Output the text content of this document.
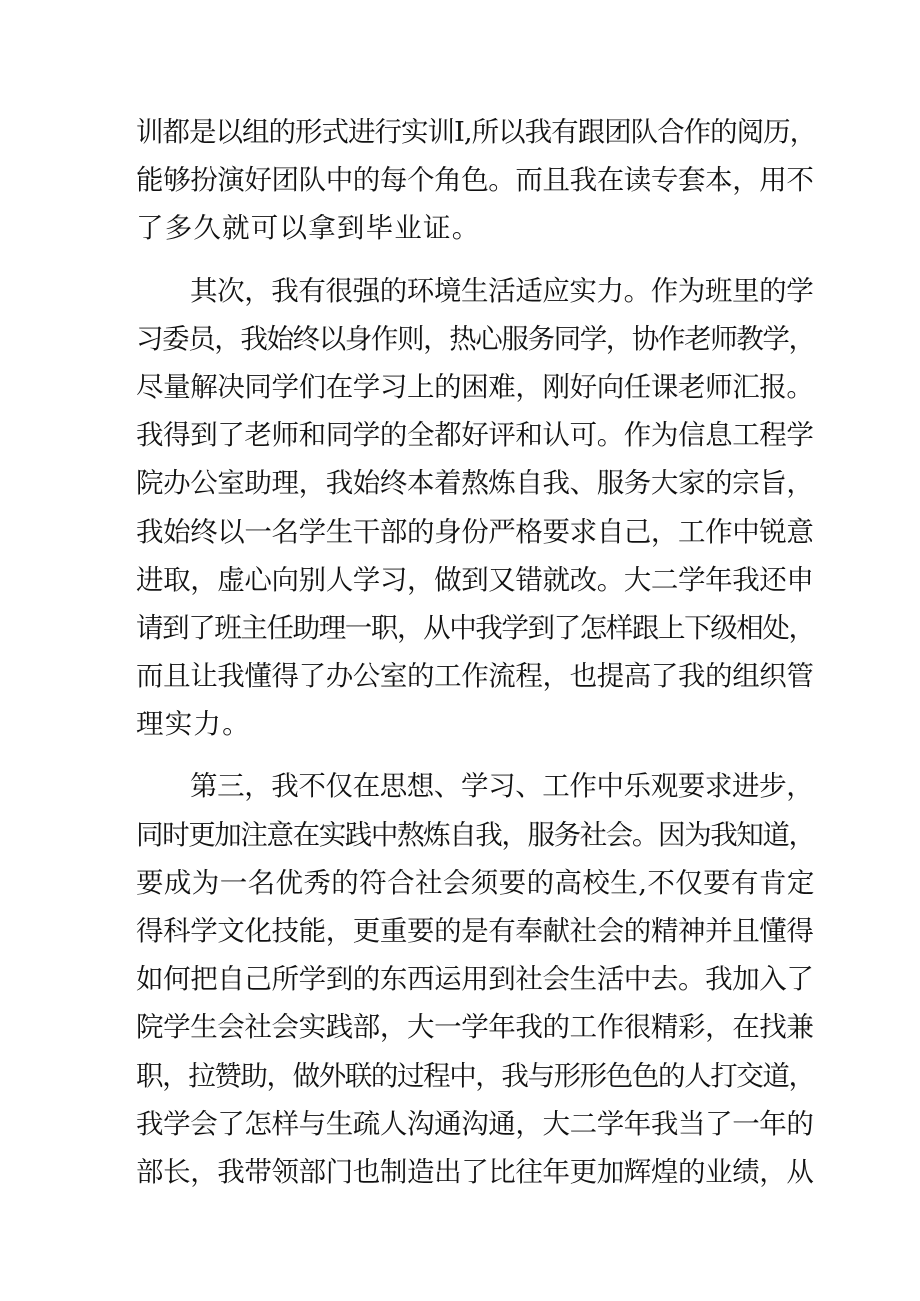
训都是以组的形式进行实训I,所以我有跟团队合作的阅历，
能够扮演好团队中的每个角色。而且我在读专套本，用不
了多久就可以拿到毕业证。
其次，我有很强的环境生活适应实力。作为班里的学
习委员，我始终以身作则，热心服务同学，协作老师教学，
尽量解决同学们在学习上的困难，刚好向任课老师汇报。
我得到了老师和同学的全都好评和认可。作为信息工程学
院办公室助理，我始终本着熬炼自我、服务大家的宗旨，
我始终以一名学生干部的身份严格要求自己，工作中锐意
进取，虚心向别人学习，做到又错就改。大二学年我还申
请到了班主任助理一职，从中我学到了怎样跟上下级相处，
而且让我懂得了办公室的工作流程，也提高了我的组织管
理实力。
第三，我不仅在思想、学习、工作中乐观要求进步，
同时更加注意在实践中熬炼自我，服务社会。因为我知道，
要成为一名优秀的符合社会须要的高校生,不仅要有肯定
得科学文化技能，更重要的是有奉献社会的精神并且懂得
如何把自己所学到的东西运用到社会生活中去。我加入了
院学生会社会实践部，大一学年我的工作很精彩，在找兼
职，拉赞助，做外联的过程中，我与形形色色的人打交道，
我学会了怎样与生疏人沟通沟通，大二学年我当了一年的
部长，我带领部门也制造出了比往年更加辉煌的业绩，从
